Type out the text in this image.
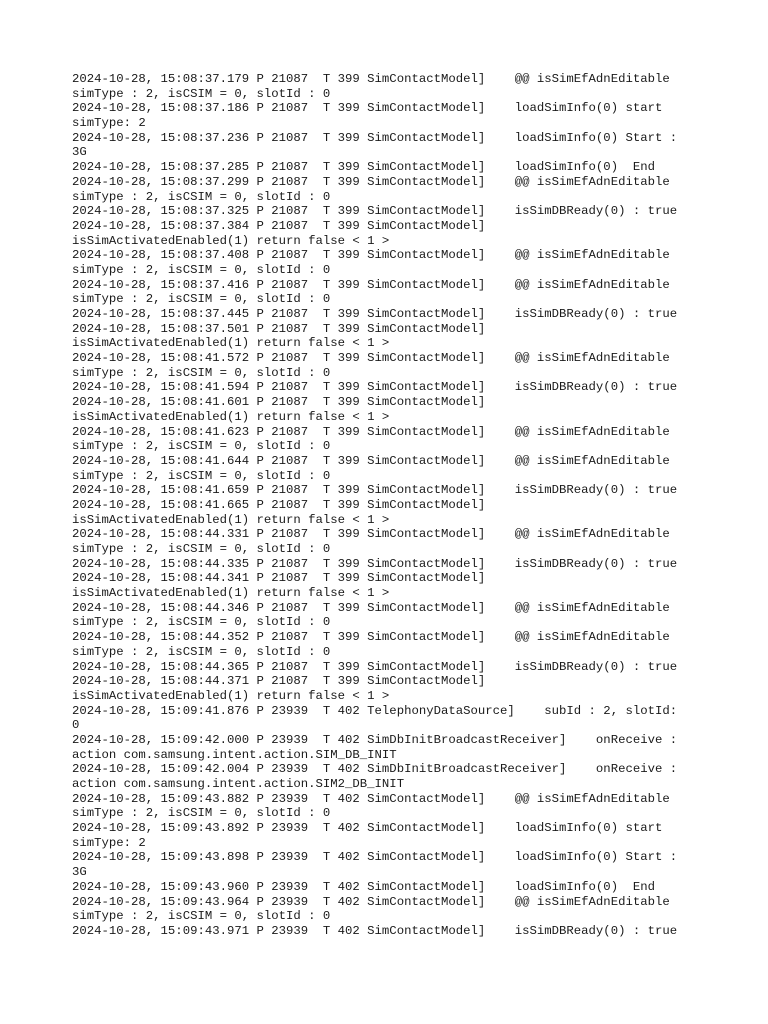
2024-10-28, 15:08:37.179 P 21087  T 399 SimContactModel]    @@ isSimEfAdnEditable
simType : 2, isCSIM = 0, slotId : 0
2024-10-28, 15:08:37.186 P 21087  T 399 SimContactModel]    loadSimInfo(0) start
simType: 2
2024-10-28, 15:08:37.236 P 21087  T 399 SimContactModel]    loadSimInfo(0) Start :
3G
2024-10-28, 15:08:37.285 P 21087  T 399 SimContactModel]    loadSimInfo(0)  End
2024-10-28, 15:08:37.299 P 21087  T 399 SimContactModel]    @@ isSimEfAdnEditable
simType : 2, isCSIM = 0, slotId : 0
2024-10-28, 15:08:37.325 P 21087  T 399 SimContactModel]    isSimDBReady(0) : true
2024-10-28, 15:08:37.384 P 21087  T 399 SimContactModel]
isSimActivatedEnabled(1) return false < 1 >
2024-10-28, 15:08:37.408 P 21087  T 399 SimContactModel]    @@ isSimEfAdnEditable
simType : 2, isCSIM = 0, slotId : 0
2024-10-28, 15:08:37.416 P 21087  T 399 SimContactModel]    @@ isSimEfAdnEditable
simType : 2, isCSIM = 0, slotId : 0
2024-10-28, 15:08:37.445 P 21087  T 399 SimContactModel]    isSimDBReady(0) : true
2024-10-28, 15:08:37.501 P 21087  T 399 SimContactModel]
isSimActivatedEnabled(1) return false < 1 >
2024-10-28, 15:08:41.572 P 21087  T 399 SimContactModel]    @@ isSimEfAdnEditable
simType : 2, isCSIM = 0, slotId : 0
2024-10-28, 15:08:41.594 P 21087  T 399 SimContactModel]    isSimDBReady(0) : true
2024-10-28, 15:08:41.601 P 21087  T 399 SimContactModel]
isSimActivatedEnabled(1) return false < 1 >
2024-10-28, 15:08:41.623 P 21087  T 399 SimContactModel]    @@ isSimEfAdnEditable
simType : 2, isCSIM = 0, slotId : 0
2024-10-28, 15:08:41.644 P 21087  T 399 SimContactModel]    @@ isSimEfAdnEditable
simType : 2, isCSIM = 0, slotId : 0
2024-10-28, 15:08:41.659 P 21087  T 399 SimContactModel]    isSimDBReady(0) : true
2024-10-28, 15:08:41.665 P 21087  T 399 SimContactModel]
isSimActivatedEnabled(1) return false < 1 >
2024-10-28, 15:08:44.331 P 21087  T 399 SimContactModel]    @@ isSimEfAdnEditable
simType : 2, isCSIM = 0, slotId : 0
2024-10-28, 15:08:44.335 P 21087  T 399 SimContactModel]    isSimDBReady(0) : true
2024-10-28, 15:08:44.341 P 21087  T 399 SimContactModel]
isSimActivatedEnabled(1) return false < 1 >
2024-10-28, 15:08:44.346 P 21087  T 399 SimContactModel]    @@ isSimEfAdnEditable
simType : 2, isCSIM = 0, slotId : 0
2024-10-28, 15:08:44.352 P 21087  T 399 SimContactModel]    @@ isSimEfAdnEditable
simType : 2, isCSIM = 0, slotId : 0
2024-10-28, 15:08:44.365 P 21087  T 399 SimContactModel]    isSimDBReady(0) : true
2024-10-28, 15:08:44.371 P 21087  T 399 SimContactModel]
isSimActivatedEnabled(1) return false < 1 >
2024-10-28, 15:09:41.876 P 23939  T 402 TelephonyDataSource]    subId : 2, slotId:
0
2024-10-28, 15:09:42.000 P 23939  T 402 SimDbInitBroadcastReceiver]    onReceive :
action com.samsung.intent.action.SIM_DB_INIT
2024-10-28, 15:09:42.004 P 23939  T 402 SimDbInitBroadcastReceiver]    onReceive :
action com.samsung.intent.action.SIM2_DB_INIT
2024-10-28, 15:09:43.882 P 23939  T 402 SimContactModel]    @@ isSimEfAdnEditable
simType : 2, isCSIM = 0, slotId : 0
2024-10-28, 15:09:43.892 P 23939  T 402 SimContactModel]    loadSimInfo(0) start
simType: 2
2024-10-28, 15:09:43.898 P 23939  T 402 SimContactModel]    loadSimInfo(0) Start :
3G
2024-10-28, 15:09:43.960 P 23939  T 402 SimContactModel]    loadSimInfo(0)  End
2024-10-28, 15:09:43.964 P 23939  T 402 SimContactModel]    @@ isSimEfAdnEditable
simType : 2, isCSIM = 0, slotId : 0
2024-10-28, 15:09:43.971 P 23939  T 402 SimContactModel]    isSimDBReady(0) : true
